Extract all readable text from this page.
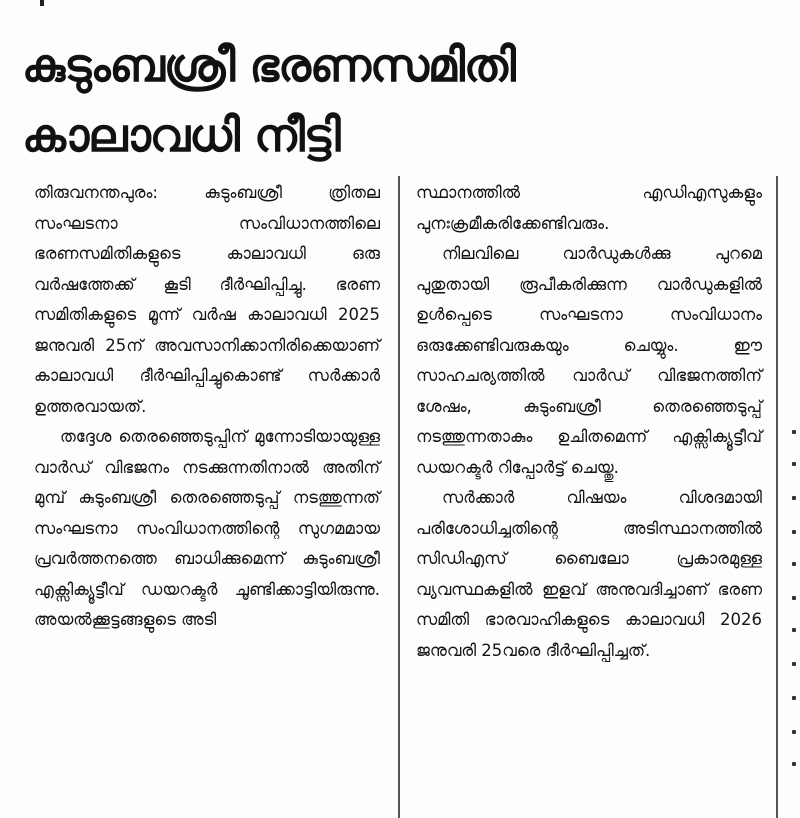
കുടുംബശ്രീ ഭരണസമിതി
കാലാവധി നീട്ടി

തിരുവനന്തപുരം: കുടുംബശ്രീ ത്രിതല സംഘടനാ സംവിധാനത്തിലെ ഭരണസമിതികളുടെ കാലാവധി ഒരു വർഷത്തേക്ക് കൂടി ദീർഘിപ്പിച്ചു. ഭരണ സമിതികളുടെ മൂന്ന് വർഷ കാലാവധി 2025 ജനുവരി 25ന് അവസാനിക്കാനിരിക്കെയാണ് കാലാവധി ദീർഘിപ്പിച്ചുകൊണ്ട് സർക്കാർ ഉത്തരവായത്.

തദ്ദേശ തെരഞ്ഞെടുപ്പിന് മുന്നോടിയായുള്ള വാർഡ് വിഭജനം നടക്കുന്നതിനാൽ അതിന് മുമ്പ് കുടുംബശ്രീ തെരഞ്ഞെടുപ്പ് നടത്തുന്നത് സംഘടനാ സംവിധാനത്തിന്റെ സുഗമമായ പ്രവർത്തനത്തെ ബാധിക്കുമെന്ന് കുടുംബശ്രീ എക്സിക്യൂട്ടീവ് ഡയറക്ടർ ചൂണ്ടിക്കാട്ടിയിരുന്നു. അയൽക്കൂട്ടങ്ങളുടെ അടി

സ്ഥാനത്തിൽ എഡിഎസുകളും പുനഃക്രമീകരിക്കേണ്ടിവരും.

നിലവിലെ വാർഡുകൾക്കു പുറമെ പുതുതായി രൂപീകരിക്കുന്ന വാർഡുകളിൽ ഉൾപ്പെടെ സംഘടനാ സംവിധാനം ഒരുക്കേണ്ടിവരുകയും ചെയ്യും. ഈ സാഹചര്യത്തിൽ വാർഡ് വിഭജനത്തിന് ശേഷം, കുടുംബശ്രീ തെരഞ്ഞെടുപ്പ് നടത്തുന്നതാകും ഉചിതമെന്ന് എക്സിക്യൂട്ടീവ് ഡയറക്ടർ റിപ്പോർട്ട് ചെയ്തു.

സർക്കാർ വിഷയം വിശദമായി പരിശോധിച്ചതിന്റെ അടിസ്ഥാനത്തിൽ സിഡിഎസ് ബൈലോ പ്രകാരമുള്ള വ്യവസ്ഥകളിൽ ഇളവ് അനുവദിച്ചാണ് ഭരണ സമിതി ഭാരവാഹികളുടെ കാലാവധി 2026 ജനുവരി 25വരെ ദീർഘിപ്പിച്ചത്.
